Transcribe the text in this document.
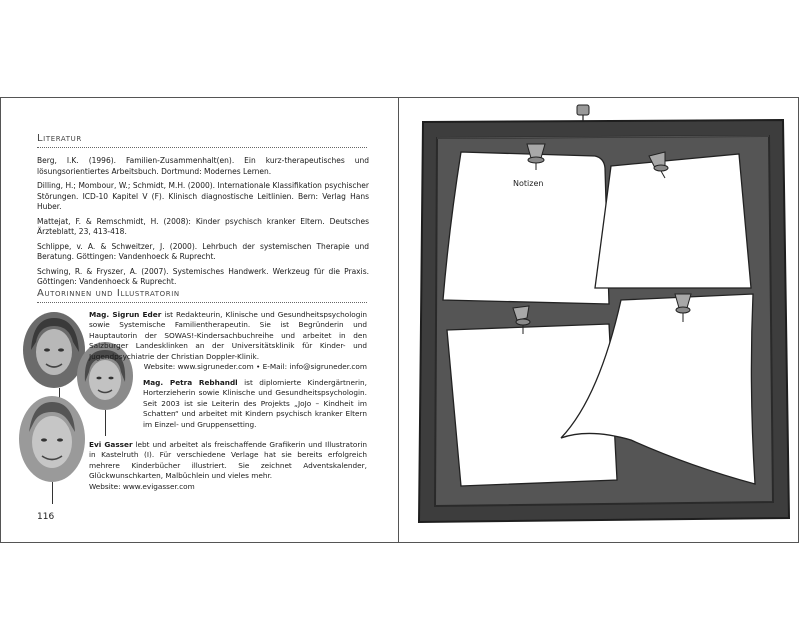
Literatur
Berg, I.K. (1996). Familien-Zusammenhalt(en). Ein kurz-therapeutisches und lösungsorientiertes Arbeitsbuch. Dortmund: Modernes Lernen.
Dilling, H.; Mombour, W.; Schmidt, M.H. (2000). Internationale Klassifikation psychischer Störungen. ICD-10 Kapitel V (F). Klinisch diagnostische Leitlinien. Bern: Verlag Hans Huber.
Mattejat, F. & Remschmidt, H. (2008): Kinder psychisch kranker Eltern. Deutsches Ärzteblatt, 23, 413-418.
Schlippe, v. A. & Schweitzer, J. (2000). Lehrbuch der systemischen Therapie und Beratung. Göttingen: Vandenhoeck & Ruprecht.
Schwing, R. & Fryszer, A. (2007). Systemisches Handwerk. Werkzeug für die Praxis. Göttingen: Vandenhoeck & Ruprecht.
Autorinnen und Illustratorin

Mag. Sigrun Eder ist Redakteurin, Klinische und Gesundheitspsychologin sowie Systemische Familientherapeutin. Sie ist Begründerin und Hauptautorin der SOWAS!-Kindersachbuchreihe und arbeitet in den Salzburger Landesklinken an der Universitätsklinik für Kinder- und Jugendpsychiatrie der Christian Doppler-Klinik.
Website: www.sigruneder.com • E-Mail: info@sigruneder.com

Mag. Petra Rebhandl ist diplomierte Kindergärtnerin, Horterzieherin sowie Klinische und Gesundheitspsychologin. Seit 2003 ist sie Leiterin des Projekts „JoJo – Kindheit im Schatten“ und arbeitet mit Kindern psychisch kranker Eltern im Einzel- und Gruppensetting.

Evi Gasser lebt und arbeitet als freischaffende Grafikerin und Illustratorin in Kastelruth (I). Für verschiedene Verlage hat sie bereits erfolgreich mehrere Kinderbücher illustriert. Sie zeichnet Adventskalender, Glückwunschkarten, Malbüchlein und vieles mehr.
Website: www.evigasser.com

116
Notizen
